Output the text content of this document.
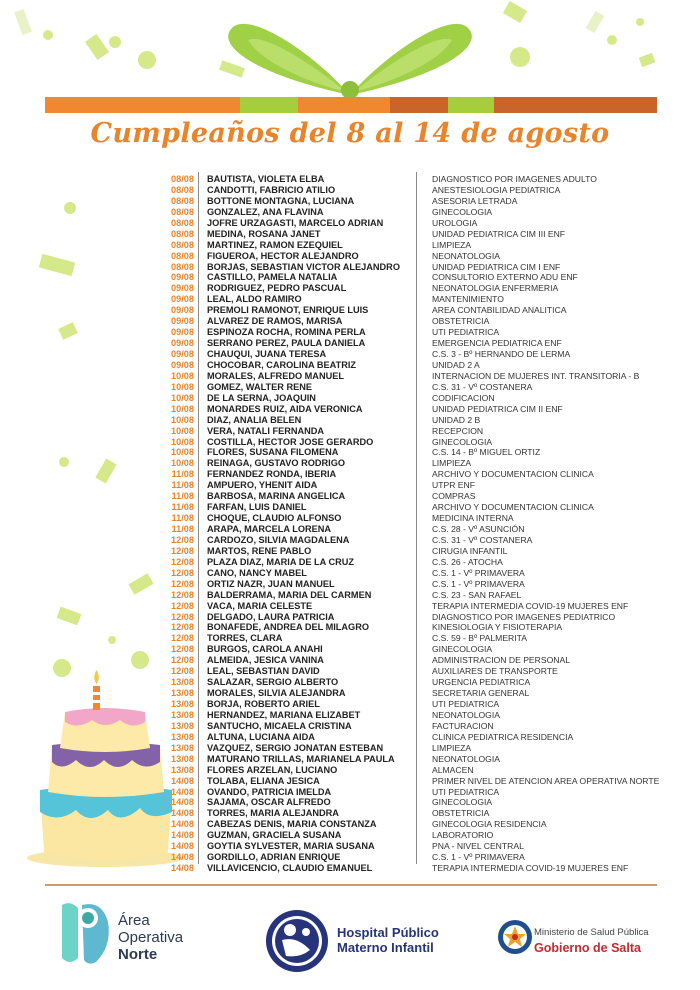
Cumpleaños del 8 al 14 de agosto
08/08 BAUTISTA, VIOLETA ELBA	DIAGNOSTICO POR IMAGENES ADULTO
08/08 CANDOTTI, FABRICIO ATILIO	ANESTESIOLOGIA PEDIATRICA
08/08 BOTTONE MONTAGNA, LUCIANA	ASESORIA LETRADA
08/08 GONZALEZ, ANA FLAVINA	GINECOLOGIA
08/08 JOFRE URZAGASTI, MARCELO ADRIAN	UROLOGIA
08/08 MEDINA, ROSANA JANET	UNIDAD PEDIATRICA CIM III ENF
08/08 MARTINEZ, RAMON EZEQUIEL	LIMPIEZA
08/08 FIGUEROA, HECTOR ALEJANDRO	NEONATOLOGIA
08/08 BORJAS, SEBASTIAN VICTOR ALEJANDRO	UNIDAD PEDIATRICA CIM I ENF
09/08 CASTILLO, PAMELA NATALIA	CONSULTORIO EXTERNO ADU ENF
09/08 RODRIGUEZ, PEDRO PASCUAL	NEONATOLOGIA ENFERMERIA
09/08 LEAL, ALDO RAMIRO	MANTENIMIENTO
09/08 PREMOLI RAMONOT, ENRIQUE LUIS	AREA CONTABILIDAD ANALITICA
09/08 ALVAREZ DE RAMOS, MARISA	OBSTETRICIA
09/08 ESPINOZA ROCHA, ROMINA PERLA	UTI PEDIATRICA
09/08 SERRANO PEREZ, PAULA DANIELA	EMERGENCIA PEDIATRICA ENF
09/08 CHAUQUI, JUANA TERESA	C.S. 3 - Bº HERNANDO DE LERMA
09/08 CHOCOBAR, CAROLINA BEATRIZ	UNIDAD 2 A
10/08 MORALES, ALFREDO MANUEL	INTERNACION DE MUJERES INT. TRANSITORIA - B
10/08 GOMEZ, WALTER RENE	C.S. 31 - Vº COSTANERA
10/08 DE LA SERNA, JOAQUIN	CODIFICACION
10/08 MONARDES RUIZ, AIDA VERONICA	UNIDAD PEDIATRICA CIM II ENF
10/08 DIAZ, ANALIA BELEN	UNIDAD 2 B
10/08 VERA, NATALI FERNANDA	RECEPCION
10/08 COSTILLA, HECTOR JOSE GERARDO	GINECOLOGIA
10/08 FLORES, SUSANA FILOMENA	C.S. 14 - Bº MIGUEL ORTIZ
10/08 REINAGA, GUSTAVO RODRIGO	LIMPIEZA
11/08 FERNANDEZ RONDA, IBERIA	ARCHIVO Y DOCUMENTACION CLINICA
11/08 AMPUERO, YHENIT AIDA	UTPR ENF
11/08 BARBOSA, MARINA ANGELICA	COMPRAS
11/08 FARFAN, LUIS DANIEL	ARCHIVO Y DOCUMENTACION CLINICA
11/08 CHOQUE, CLAUDIO ALFONSO	MEDICINA INTERNA
11/08 ARAPA, MARCELA LORENA	C.S. 28 - Vº ASUNCIÓN
12/08 CARDOZO, SILVIA MAGDALENA	C.S. 31 - Vº COSTANERA
12/08 MARTOS, RENE PABLO	CIRUGIA INFANTIL
12/08 PLAZA DIAZ, MARIA DE LA CRUZ	C.S. 26 - ATOCHA
12/08 CANO, NANCY MABEL	C.S. 1 - Vº PRIMAVERA
12/08 ORTIZ NAZR, JUAN MANUEL	C.S. 1 - Vº PRIMAVERA
12/08 BALDERRAMA, MARIA DEL CARMEN	C.S. 23 - SAN RAFAEL
12/08 VACA, MARIA CELESTE	TERAPIA INTERMEDIA COVID-19 MUJERES ENF
12/08 DELGADO, LAURA PATRICIA	DIAGNOSTICO POR IMAGENES PEDIATRICO
12/08 BONAFEDE, ANDREA DEL MILAGRO	KINESIOLOGIA Y FISIOTERAPIA
12/08 TORRES, CLARA	C.S. 59 - Bº PALMERITA
12/08 BURGOS, CAROLA ANAHI	GINECOLOGIA
12/08 ALMEIDA, JESICA VANINA	ADMINISTRACION DE PERSONAL
12/08 LEAL, SEBASTIAN DAVID	AUXILIARES DE TRANSPORTE
13/08 SALAZAR, SERGIO ALBERTO	URGENCIA PEDIATRICA
13/08 MORALES, SILVIA ALEJANDRA	SECRETARIA GENERAL
13/08 BORJA, ROBERTO ARIEL	UTI PEDIATRICA
13/08 HERNANDEZ, MARIANA ELIZABET	NEONATOLOGIA
13/08 SANTUCHO, MICAELA CRISTINA	FACTURACION
13/08 ALTUNA, LUCIANA AIDA	CLINICA PEDIATRICA RESIDENCIA
13/08 VAZQUEZ, SERGIO JONATAN ESTEBAN	LIMPIEZA
13/08 MATURANO TRILLAS, MARIANELA PAULA	NEONATOLOGIA
13/08 FLORES ARZELAN, LUCIANO	ALMACEN
14/08 TOLABA, ELIANA JESICA	PRIMER NIVEL DE ATENCION AREA OPERATIVA NORTE
14/08 OVANDO, PATRICIA IMELDA	UTI PEDIATRICA
14/08 SAJAMA, OSCAR ALFREDO	GINECOLOGIA
14/08 TORRES, MARIA ALEJANDRA	OBSTETRICIA
14/08 CABEZAS DENIS, MARIA CONSTANZA	GINECOLOGIA RESIDENCIA
14/08 GUZMAN, GRACIELA SUSANA	LABORATORIO
14/08 GOYTIA SYLVESTER, MARIA SUSANA	PNA - NIVEL CENTRAL
14/08 GORDILLO, ADRIAN ENRIQUE	C.S. 1 - Vº PRIMAVERA
14/08 VILLAVICENCIO, CLAUDIO EMANUEL	TERAPIA INTERMEDIA COVID-19 MUJERES ENF
Área
Operativa
Norte
Hospital Público
Materno Infantil
Ministerio de Salud Pública
Gobierno de Salta
